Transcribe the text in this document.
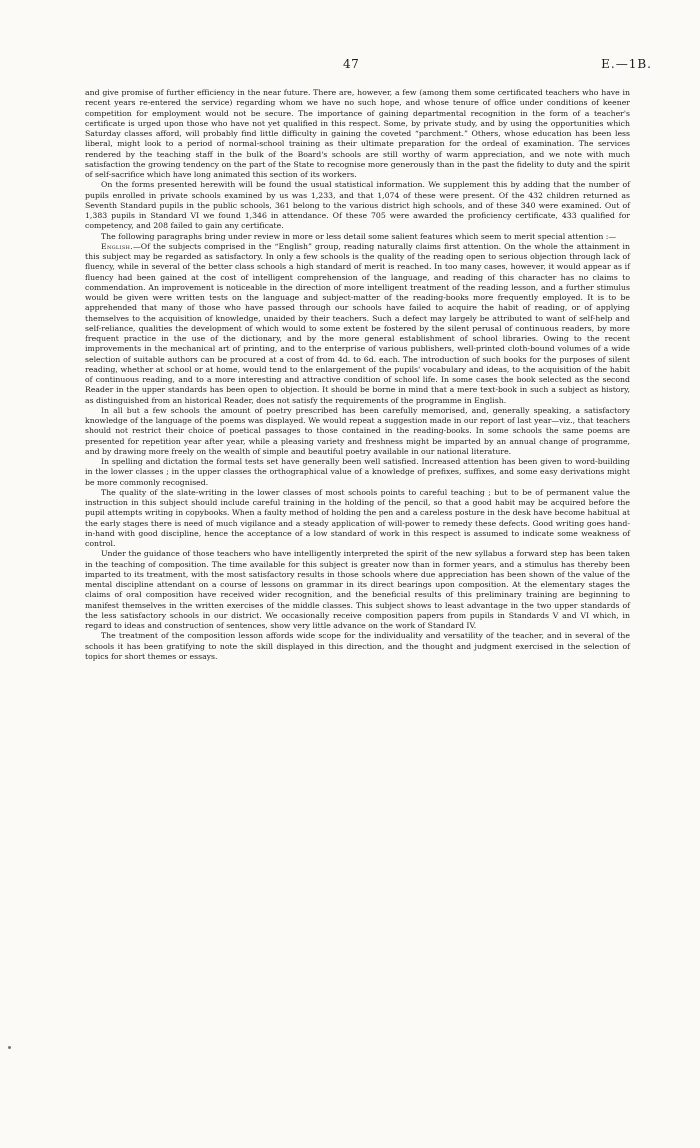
47	E.—1B.

and give promise of further efficiency in the near future. There are, however, a few (among them some certificated teachers who have in recent years re-entered the service) regarding whom we have no such hope, and whose tenure of office under conditions of keener competition for employment would not be secure. The importance of gaining departmental recognition in the form of a teacher's certificate is urged upon those who have not yet qualified in this respect. Some, by private study, and by using the opportunities which Saturday classes afford, will probably find little difficulty in gaining the coveted “parchment.” Others, whose education has been less liberal, might look to a period of normal-school training as their ultimate preparation for the ordeal of examination. The services rendered by the teaching staff in the bulk of the Board's schools are still worthy of warm appreciation, and we note with much satisfaction the growing tendency on the part of the State to recognise more generously than in the past the fidelity to duty and the spirit of self-sacrifice which have long animated this section of its workers.

On the forms presented herewith will be found the usual statistical information. We supplement this by adding that the number of pupils enrolled in private schools examined by us was 1,233, and that 1,074 of these were present. Of the 432 children returned as Seventh Standard pupils in the public schools, 361 belong to the various district high schools, and of these 340 were examined. Out of 1,383 pupils in Standard VI we found 1,346 in attendance. Of these 705 were awarded the proficiency certificate, 433 qualified for competency, and 208 failed to gain any certificate.

The following paragraphs bring under review in more or less detail some salient features which seem to merit special attention :—

English.—Of the subjects comprised in the “English” group, reading naturally claims first attention. On the whole the attainment in this subject may be regarded as satisfactory. In only a few schools is the quality of the reading open to serious objection through lack of fluency, while in several of the better class schools a high standard of merit is reached. In too many cases, however, it would appear as if fluency had been gained at the cost of intelligent comprehension of the language, and reading of this character has no claims to commendation. An improvement is noticeable in the direction of more intelligent treatment of the reading lesson, and a further stimulus would be given were written tests on the language and subject-matter of the reading-books more frequently employed. It is to be apprehended that many of those who have passed through our schools have failed to acquire the habit of reading, or of applying themselves to the acquisition of knowledge, unaided by their teachers. Such a defect may largely be attributed to want of self-help and self-reliance, qualities the development of which would to some extent be fostered by the silent perusal of continuous readers, by more frequent practice in the use of the dictionary, and by the more general establishment of school libraries. Owing to the recent improvements in the mechanical art of printing, and to the enterprise of various publishers, well-printed cloth-bound volumes of a wide selection of suitable authors can be procured at a cost of from 4d. to 6d. each. The introduction of such books for the purposes of silent reading, whether at school or at home, would tend to the enlargement of the pupils' vocabulary and ideas, to the acquisition of the habit of continuous reading, and to a more interesting and attractive condition of school life. In some cases the book selected as the second Reader in the upper standards has been open to objection. It should be borne in mind that a mere text-book in such a subject as history, as distinguished from an historical Reader, does not satisfy the requirements of the programme in English.

In all but a few schools the amount of poetry prescribed has been carefully memorised, and, generally speaking, a satisfactory knowledge of the language of the poems was displayed. We would repeat a suggestion made in our report of last year—viz., that teachers should not restrict their choice of poetical passages to those contained in the reading-books. In some schools the same poems are presented for repetition year after year, while a pleasing variety and freshness might be imparted by an annual change of programme, and by drawing more freely on the wealth of simple and beautiful poetry available in our national literature.

In spelling and dictation the formal tests set have generally been well satisfied. Increased attention has been given to word-building in the lower classes ; in the upper classes the orthographical value of a knowledge of prefixes, suffixes, and some easy derivations might be more commonly recognised.

The quality of the slate-writing in the lower classes of most schools points to careful teaching ; but to be of permanent value the instruction in this subject should include careful training in the holding of the pencil, so that a good habit may be acquired before the pupil attempts writing in copybooks. When a faulty method of holding the pen and a careless posture in the desk have become habitual at the early stages there is need of much vigilance and a steady application of will-power to remedy these defects. Good writing goes hand-in-hand with good discipline, hence the acceptance of a low standard of work in this respect is assumed to indicate some weakness of control.

Under the guidance of those teachers who have intelligently interpreted the spirit of the new syllabus a forward step has been taken in the teaching of composition. The time available for this subject is greater now than in former years, and a stimulus has thereby been imparted to its treatment, with the most satisfactory results in those schools where due appreciation has been shown of the value of the mental discipline attendant on a course of lessons on grammar in its direct bearings upon composition. At the elementary stages the claims of oral composition have received wider recognition, and the beneficial results of this preliminary training are beginning to manifest themselves in the written exercises of the middle classes. This subject shows to least advantage in the two upper standards of the less satisfactory schools in our district. We occasionally receive composition papers from pupils in Standards V and VI which, in regard to ideas and construction of sentences, show very little advance on the work of Standard IV.

The treatment of the composition lesson affords wide scope for the individuality and versatility of the teacher, and in several of the schools it has been gratifying to note the skill displayed in this direction, and the thought and judgment exercised in the selection of topics for short themes or essays.
